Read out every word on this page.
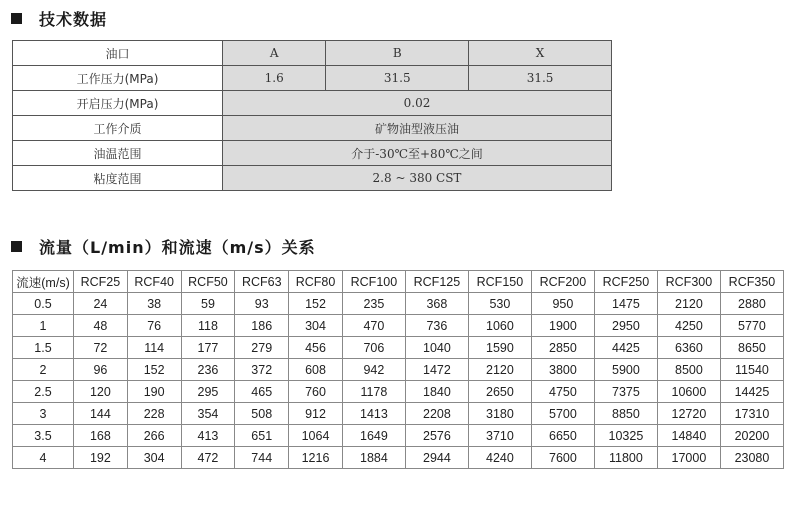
技术数据
油口	A	B	X
工作压力(MPa)	1.6	31.5	31.5
开启压力(MPa)	0.02		
工作介质	矿物油型液压油		
油温范围	介于-30℃至+80℃之间		
粘度范围	2.8 ~ 380 CST		
流量（L/min）和流速（m/s）关系
流速(m/s)	RCF25	RCF40	RCF50	RCF63	RCF80	RCF100	RCF125	RCF150	RCF200	RCF250	RCF300	RCF350
0.5	24	38	59	93	152	235	368	530	950	1475	2120	2880
1	48	76	118	186	304	470	736	1060	1900	2950	4250	5770
1.5	72	114	177	279	456	706	1040	1590	2850	4425	6360	8650
2	96	152	236	372	608	942	1472	2120	3800	5900	8500	11540
2.5	120	190	295	465	760	1178	1840	2650	4750	7375	10600	14425
3	144	228	354	508	912	1413	2208	3180	5700	8850	12720	17310
3.5	168	266	413	651	1064	1649	2576	3710	6650	10325	14840	20200
4	192	304	472	744	1216	1884	2944	4240	7600	11800	17000	23080
